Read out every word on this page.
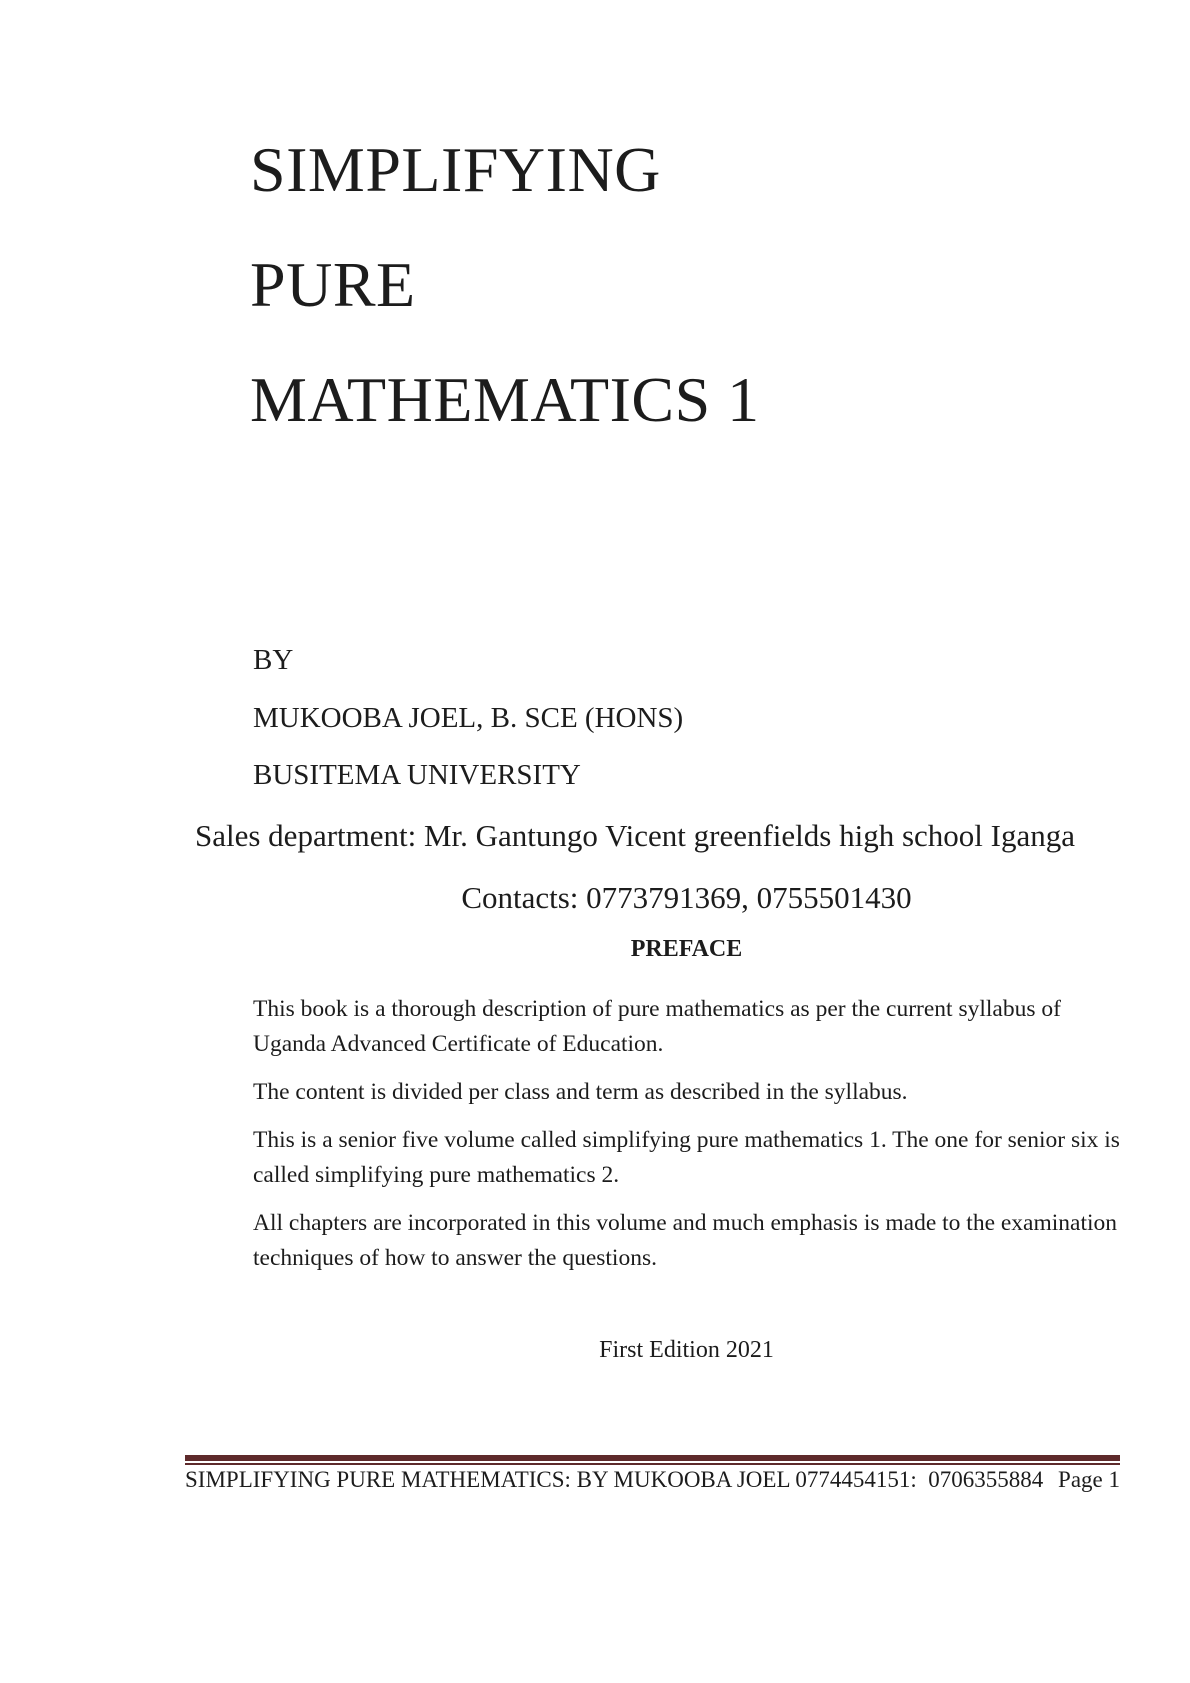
SIMPLIFYING
PURE
MATHEMATICS 1
BY
MUKOOBA JOEL, B. SCE (HONS)
BUSITEMA UNIVERSITY
Sales department: Mr. Gantungo Vicent greenfields high school Iganga
Contacts: 0773791369, 0755501430
PREFACE

This book is a thorough description of pure mathematics as per the current syllabus of Uganda Advanced Certificate of Education.

The content is divided per class and term as described in the syllabus.

This is a senior five volume called simplifying pure mathematics 1. The one for senior six is called simplifying pure mathematics 2.

All chapters are incorporated in this volume and much emphasis is made to the examination techniques of how to answer the questions.

First Edition 2021
SIMPLIFYING PURE MATHEMATICS: BY MUKOOBA JOEL 0774454151:  0706355884 Page 1
